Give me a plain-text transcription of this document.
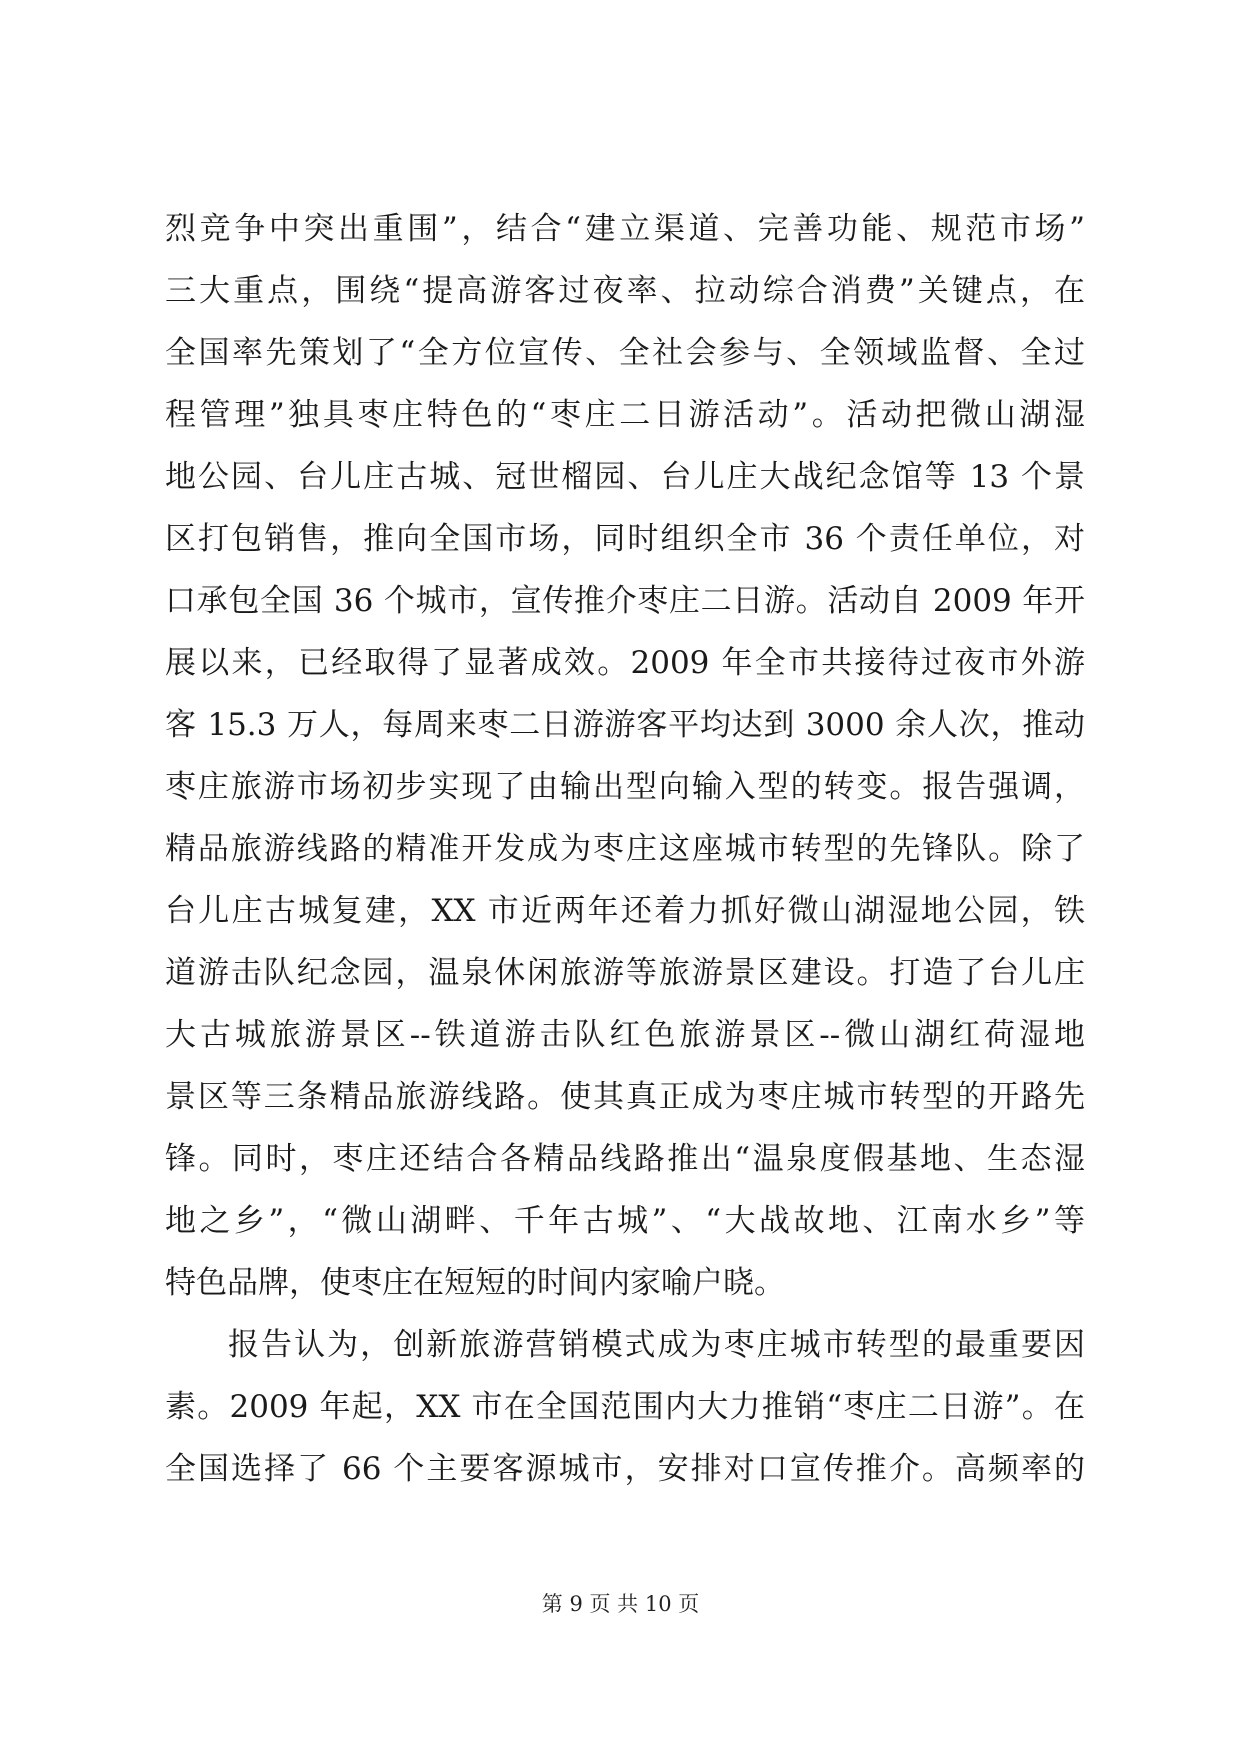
烈竞争中突出重围”，结合“建立渠道、完善功能、规范市场”
三大重点，围绕“提高游客过夜率、拉动综合消费”关键点，在
全国率先策划了“全方位宣传、全社会参与、全领域监督、全过
程管理”独具枣庄特色的“枣庄二日游活动”。活动把微山湖湿
地公园、台儿庄古城、冠世榴园、台儿庄大战纪念馆等 13 个景
区打包销售，推向全国市场，同时组织全市 36 个责任单位，对
口承包全国 36 个城市，宣传推介枣庄二日游。活动自 2009 年开
展以来，已经取得了显著成效。2009 年全市共接待过夜市外游
客 15.3 万人，每周来枣二日游游客平均达到 3000 余人次，推动
枣庄旅游市场初步实现了由输出型向输入型的转变。报告强调，
精品旅游线路的精准开发成为枣庄这座城市转型的先锋队。除了
台儿庄古城复建，XX 市近两年还着力抓好微山湖湿地公园，铁
道游击队纪念园，温泉休闲旅游等旅游景区建设。打造了台儿庄
大古城旅游景区--铁道游击队红色旅游景区--微山湖红荷湿地
景区等三条精品旅游线路。使其真正成为枣庄城市转型的开路先
锋。同时，枣庄还结合各精品线路推出“温泉度假基地、生态湿
地之乡”，“微山湖畔、千年古城”、“大战故地、江南水乡”等
特色品牌，使枣庄在短短的时间内家喻户晓。
报告认为，创新旅游营销模式成为枣庄城市转型的最重要因
素。2009 年起，XX 市在全国范围内大力推销“枣庄二日游”。在
全国选择了 66 个主要客源城市，安排对口宣传推介。高频率的
第 9 页 共 10 页
